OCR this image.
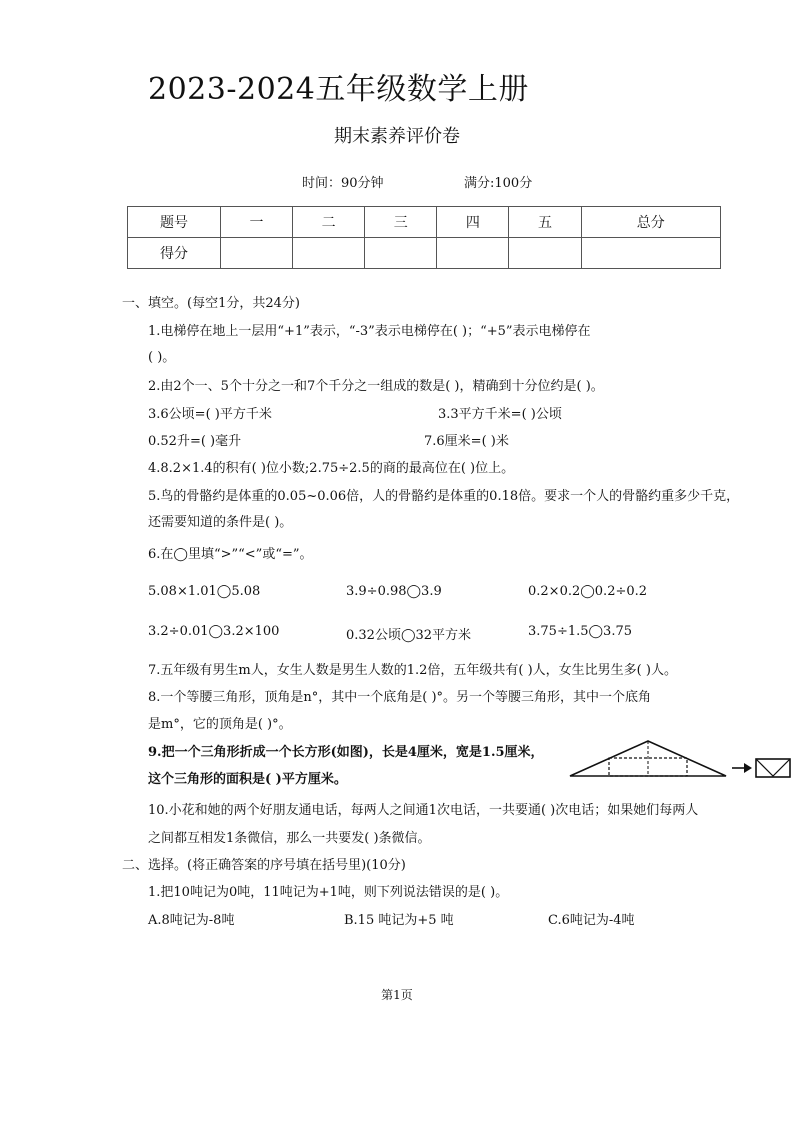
2023-2024五年级数学上册
期末素养评价卷
时间：90分钟	满分:100分
题号	一	二	三	四	五	总分
得分						
一、填空。(每空1分，共24分)
1.电梯停在地上一层用“+1”表示，“-3”表示电梯停在( )；“+5”表示电梯停在
( )。
2.由2个一、5个十分之一和7个千分之一组成的数是( )，精确到十分位约是( )。
3.6公顷=( )平方千米	3.3平方千米=( )公顷
0.52升=( )毫升	7.6厘米=( )米
4.8.2×1.4的积有( )位小数;2.75÷2.5的商的最高位在( )位上。
5.鸟的骨骼约是体重的0.05~0.06倍，人的骨骼约是体重的0.18倍。要求一个人的骨骼约重多少千克，
还需要知道的条件是( )。
6.在◯里填“>”“<”或“=”。
5.08×1.01◯5.08	3.9÷0.98◯3.9	0.2×0.2◯0.2÷0.2
3.2÷0.01◯3.2×100	0.32公顷◯32平方米	3.75÷1.5◯3.75
7.五年级有男生m人，女生人数是男生人数的1.2倍，五年级共有( )人，女生比男生多( )人。
8.一个等腰三角形，顶角是n°，其中一个底角是( )°。另一个等腰三角形，其中一个底角
是m°，它的顶角是( )°。
9.把一个三角形折成一个长方形(如图)，长是4厘米，宽是1.5厘米，
这个三角形的面积是( )平方厘米。
10.小花和她的两个好朋友通电话，每两人之间通1次电话，一共要通( )次电话；如果她们每两人
之间都互相发1条微信，那么一共要发( )条微信。
二、选择。(将正确答案的序号填在括号里)(10分)
1.把10吨记为0吨，11吨记为+1吨，则下列说法错误的是( )。
A.8吨记为-8吨	B.15 吨记为+5 吨	C.6吨记为-4吨
第1页
